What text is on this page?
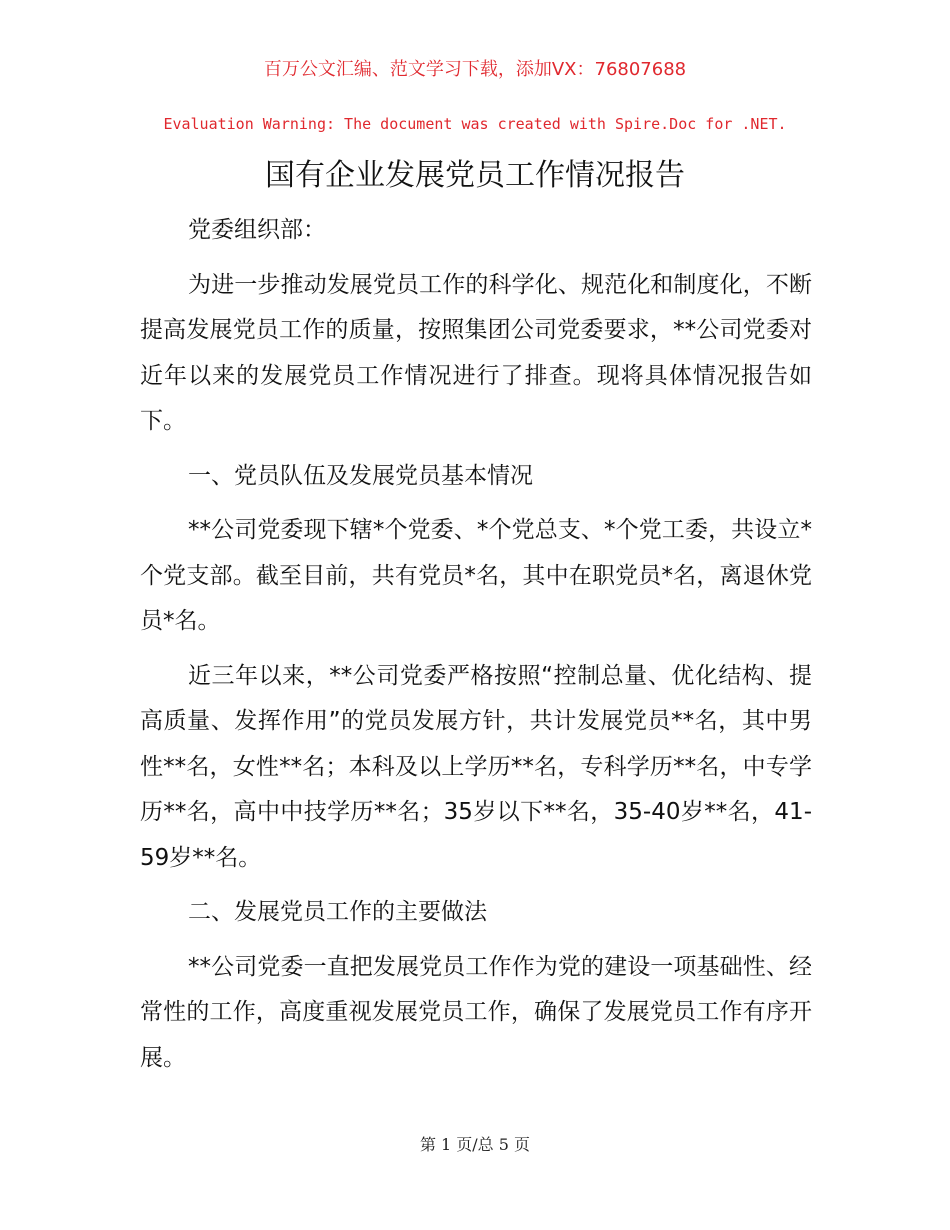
百万公文汇编、范文学习下载，添加VX：76807688
Evaluation Warning: The document was created with Spire.Doc for .NET.
国有企业发展党员工作情况报告

党委组织部：

为进一步推动发展党员工作的科学化、规范化和制度化，不断提高发展党员工作的质量，按照集团公司党委要求，**公司党委对近年以来的发展党员工作情况进行了排查。现将具体情况报告如下。

一、党员队伍及发展党员基本情况

**公司党委现下辖*个党委、*个党总支、*个党工委，共设立*个党支部。截至目前，共有党员*名，其中在职党员*名，离退休党员*名。

近三年以来，**公司党委严格按照“控制总量、优化结构、提高质量、发挥作用”的党员发展方针，共计发展党员**名，其中男性**名，女性**名；本科及以上学历**名，专科学历**名，中专学历**名，高中中技学历**名；35岁以下**名，35-40岁**名，41-59岁**名。

二、发展党员工作的主要做法

**公司党委一直把发展党员工作作为党的建设一项基础性、经常性的工作，高度重视发展党员工作，确保了发展党员工作有序开展。

第 1 页/总 5 页
